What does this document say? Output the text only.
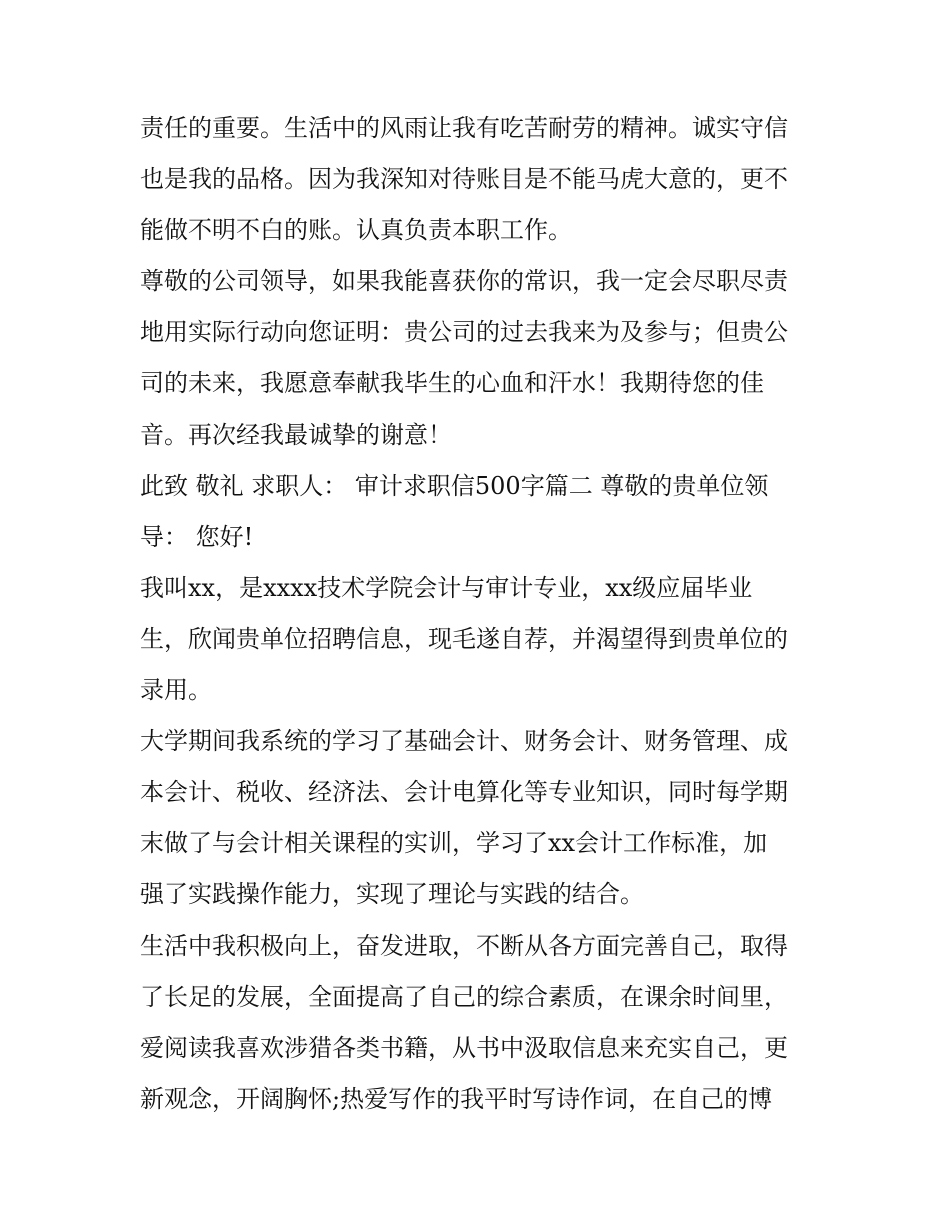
责任的重要。生活中的风雨让我有吃苦耐劳的精神。诚实守信
也是我的品格。因为我深知对待账目是不能马虎大意的，更不
能做不明不白的账。认真负责本职工作。
尊敬的公司领导，如果我能喜获你的常识，我一定会尽职尽责
地用实际行动向您证明：贵公司的过去我来为及参与；但贵公
司的未来，我愿意奉献我毕生的心血和汗水！我期待您的佳
音。再次经我最诚挚的谢意！
此致 敬礼 求职人： 审计求职信500字篇二 尊敬的贵单位领
导： 您好!
我叫xx，是xxxx技术学院会计与审计专业，xx级应届毕业
生，欣闻贵单位招聘信息，现毛遂自荐，并渴望得到贵单位的
录用。
大学期间我系统的学习了基础会计、财务会计、财务管理、成
本会计、税收、经济法、会计电算化等专业知识，同时每学期
末做了与会计相关课程的实训，学习了xx会计工作标准，加
强了实践操作能力，实现了理论与实践的结合。
生活中我积极向上，奋发进取，不断从各方面完善自己，取得
了长足的发展，全面提高了自己的综合素质，在课余时间里，
爱阅读我喜欢涉猎各类书籍，从书中汲取信息来充实自己，更
新观念，开阔胸怀;热爱写作的我平时写诗作词，在自己的博
